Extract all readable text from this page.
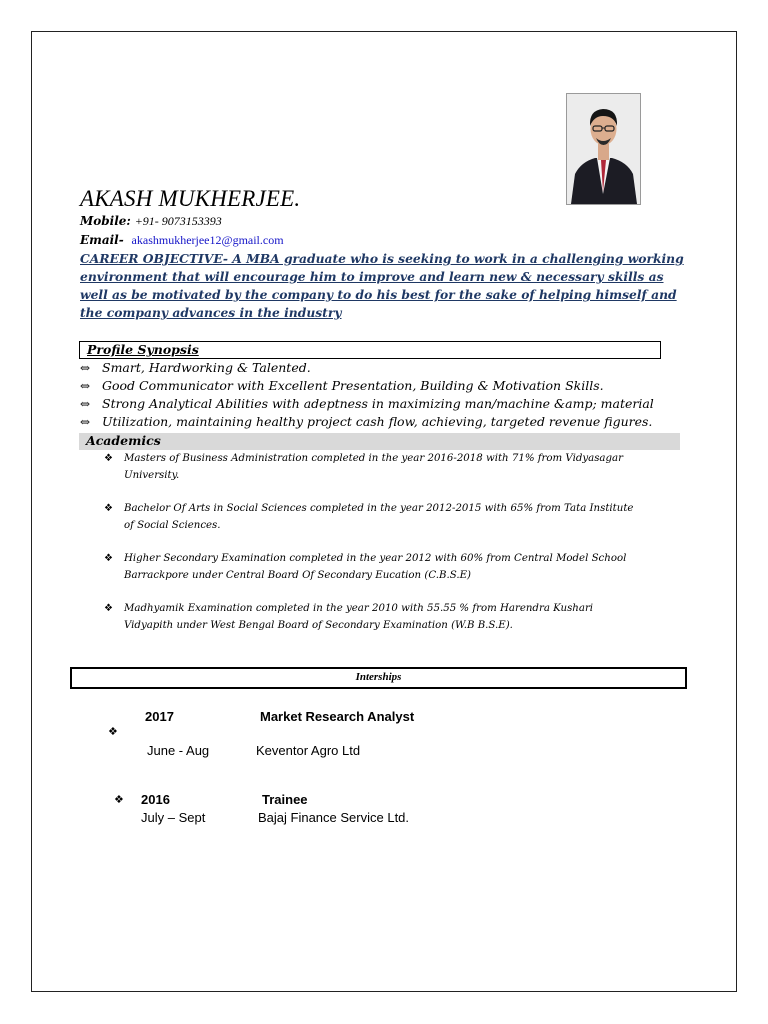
AKASH MUKHERJEE.
Mobile: +91- 9073153393
Email- akashmukherjee12@gmail.com
CAREER OBJECTIVE- A MBA graduate who is seeking to work in a challenging working
environment that will encourage him to improve and learn new & necessary skills as
well as be motivated by the company to do his best for the sake of helping himself and
the company advances in the industry
Profile Synopsis
⇔ Smart, Hardworking & Talented.
⇔ Good Communicator with Excellent Presentation, Building & Motivation Skills.
⇔ Strong Analytical Abilities with adeptness in maximizing man/machine &amp; material
⇔ Utilization, maintaining healthy project cash flow, achieving, targeted revenue figures.
Academics
❖ Masters of Business Administration completed in the year 2016-2018 with 71% from Vidyasagar
University.
❖ Bachelor Of Arts in Social Sciences completed in the year 2012-2015 with 65% from Tata Institute
of Social Sciences.
❖ Higher Secondary Examination completed in the year 2012 with 60% from Central Model School
Barrackpore under Central Board Of Secondary Eucation (C.B.S.E)
❖ Madhyamik Examination completed in the year 2010 with 55.55 % from Harendra Kushari
Vidyapith under West Bengal Board of Secondary Examination (W.B B.S.E).
Interships
2017	Market Research Analyst
❖
June - Aug	Keventor Agro Ltd
❖ 2016	Trainee
July – Sept	Bajaj Finance Service Ltd.
